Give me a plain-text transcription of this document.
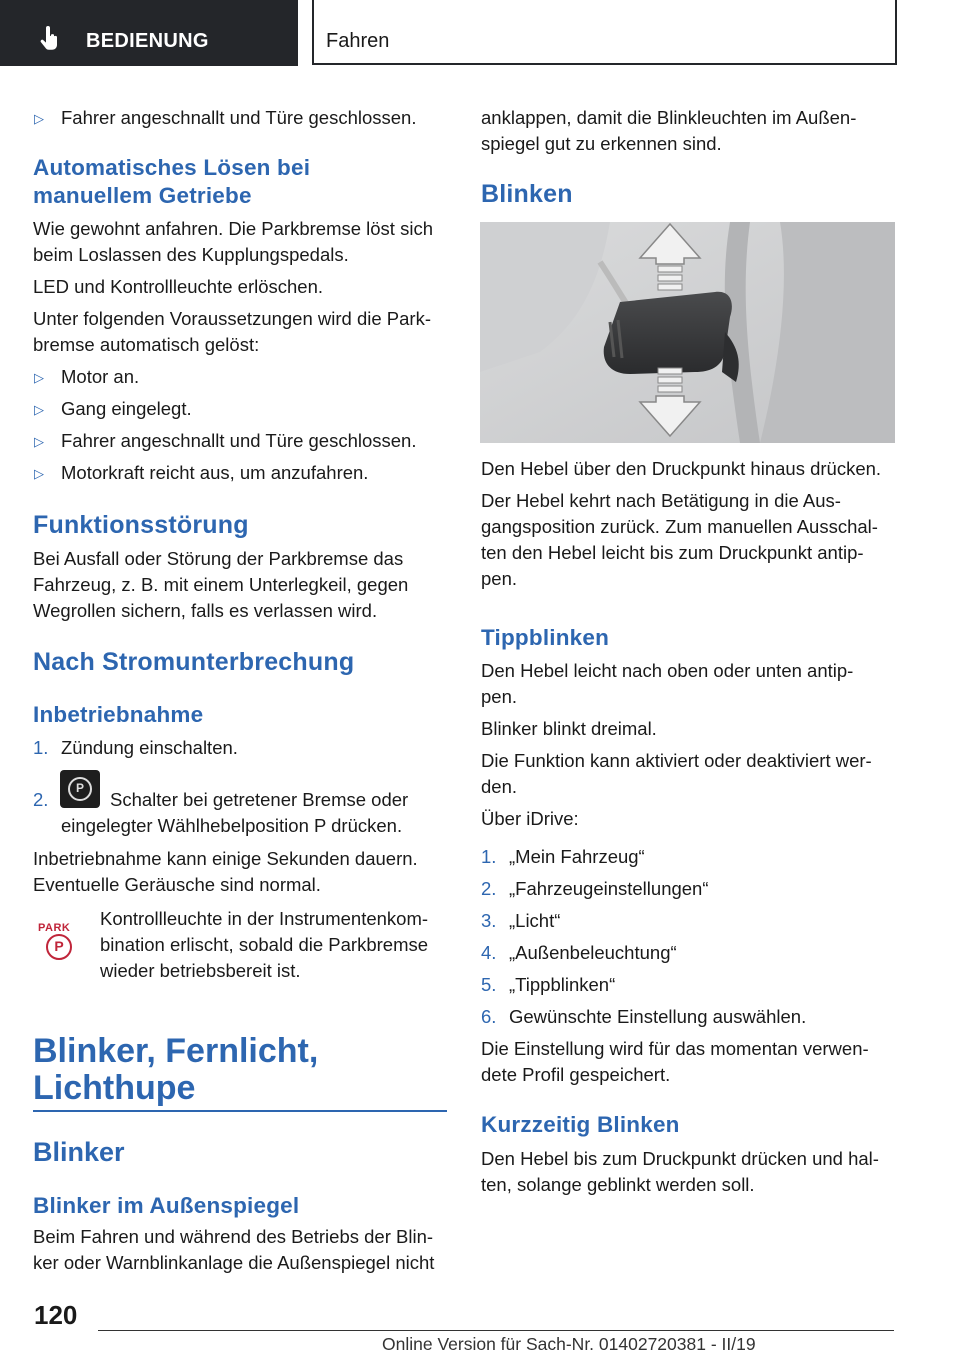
BEDIENUNG	Fahren
▷ Fahrer angeschnallt und Türe geschlossen.

Automatisches Lösen bei
manuellem Getriebe

Wie gewohnt anfahren. Die Parkbremse löst sich

beim Loslassen des Kupplungspedals.

LED und Kontrollleuchte erlöschen.

Unter folgenden Voraussetzungen wird die Park‐

bremse automatisch gelöst:

▷ Motor an.

▷ Gang eingelegt.

▷ Fahrer angeschnallt und Türe geschlossen.

▷ Motorkraft reicht aus, um anzufahren.

Funktionsstörung

Bei Ausfall oder Störung der Parkbremse das

Fahrzeug, z. B. mit einem Unterlegkeil, gegen

Wegrollen sichern, falls es verlassen wird.

Nach Stromunterbrechung
Inbetriebnahme
1. Zündung einschalten.

2.
P

Schalter bei getretener Bremse oder

eingelegter Wählhebelposition P drücken.

Inbetriebnahme kann einige Sekunden dauern.

Eventuelle Geräusche sind normal.

PARK
P

Kontrollleuchte in der Instrumentenkom‐

bination erlischt, sobald die Parkbremse

wieder betriebsbereit ist.

Blinker, Fernlicht,
Lichthupe
Blinker
Blinker im Außenspiegel

Beim Fahren und während des Betriebs der Blin‐

ker oder Warnblinkanlage die Außenspiegel nicht

anklappen, damit die Blinkleuchten im Außen‐

spiegel gut zu erkennen sind.

Blinken

Den Hebel über den Druckpunkt hinaus drücken.

Der Hebel kehrt nach Betätigung in die Aus‐

gangsposition zurück. Zum manuellen Ausschal‐

ten den Hebel leicht bis zum Druckpunkt antip‐

pen.

Tippblinken

Den Hebel leicht nach oben oder unten antip‐

pen.

Blinker blinkt dreimal.

Die Funktion kann aktiviert oder deaktiviert wer‐

den.

Über iDrive:

1. „Mein Fahrzeug“

2. „Fahrzeugeinstellungen“

3. „Licht“

4. „Außenbeleuchtung“

5. „Tippblinken“

6. Gewünschte Einstellung auswählen.

Die Einstellung wird für das momentan verwen‐

dete Profil gespeichert.

Kurzzeitig Blinken

Den Hebel bis zum Druckpunkt drücken und hal‐

ten, solange geblinkt werden soll.

120
Online Version für Sach-Nr. 01402720381 - II/19
